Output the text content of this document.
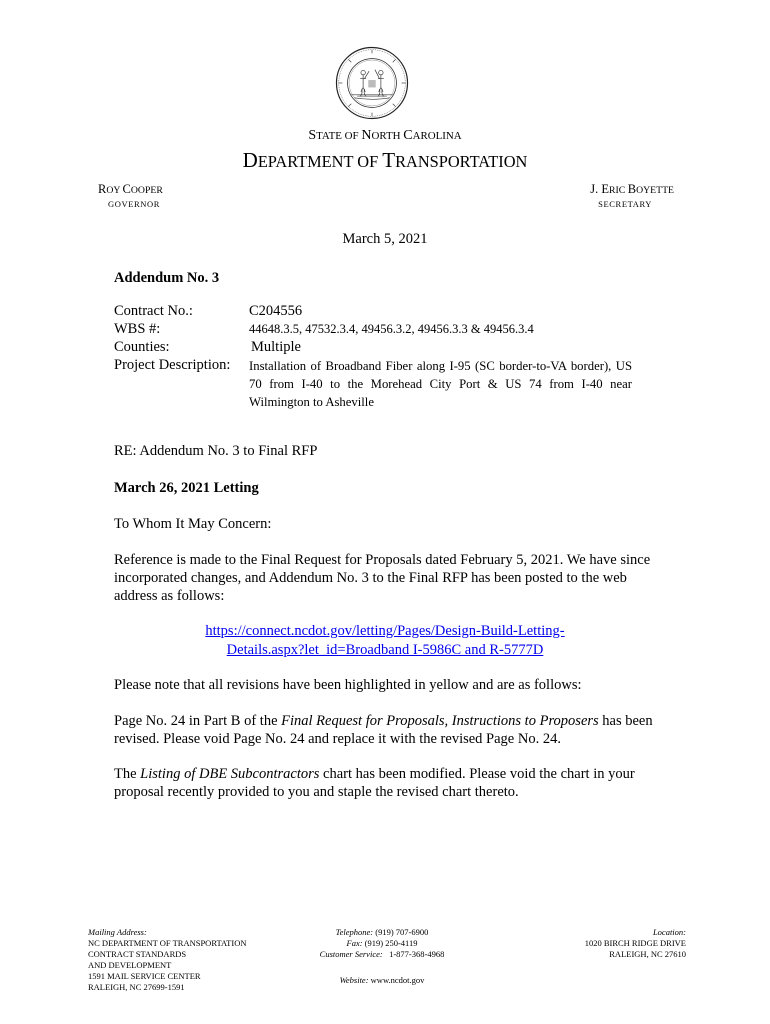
STATE OF NORTH CAROLINA
DEPARTMENT OF TRANSPORTATION
ROY COOPER
GOVERNOR
J. ERIC BOYETTE
SECRETARY
March 5, 2021
Addendum No. 3
Contract No.:	C204556
WBS #:	44648.3.5, 47532.3.4, 49456.3.2, 49456.3.3 & 49456.3.4
Counties:	Multiple
Project Description: Installation of Broadband Fiber along I-95 (SC border-to-VA border), US 70 from I-40 to the Morehead City Port & US 74 from I-40 near Wilmington to Asheville
RE: Addendum No. 3 to Final RFP
March 26, 2021 Letting
To Whom It May Concern:
Reference is made to the Final Request for Proposals dated February 5, 2021. We have since incorporated changes, and Addendum No. 3 to the Final RFP has been posted to the web address as follows:
https://connect.ncdot.gov/letting/Pages/Design-Build-Letting-
Details.aspx?let_id=Broadband I-5986C and R-5777D
Please note that all revisions have been highlighted in yellow and are as follows:
Page No. 24 in Part B of the Final Request for Proposals, Instructions to Proposers has been revised. Please void Page No. 24 and replace it with the revised Page No. 24.
The Listing of DBE Subcontractors chart has been modified. Please void the chart in your proposal recently provided to you and staple the revised chart thereto.
Mailing Address:
NC DEPARTMENT OF TRANSPORTATION
CONTRACT STANDARDS
AND DEVELOPMENT
1591 MAIL SERVICE CENTER
RALEIGH, NC 27699-1591
Telephone: (919) 707-6900
Fax: (919) 250-4119
Customer Service: 1-877-368-4968
Website: www.ncdot.gov
Location:
1020 BIRCH RIDGE DRIVE
RALEIGH, NC 27610
